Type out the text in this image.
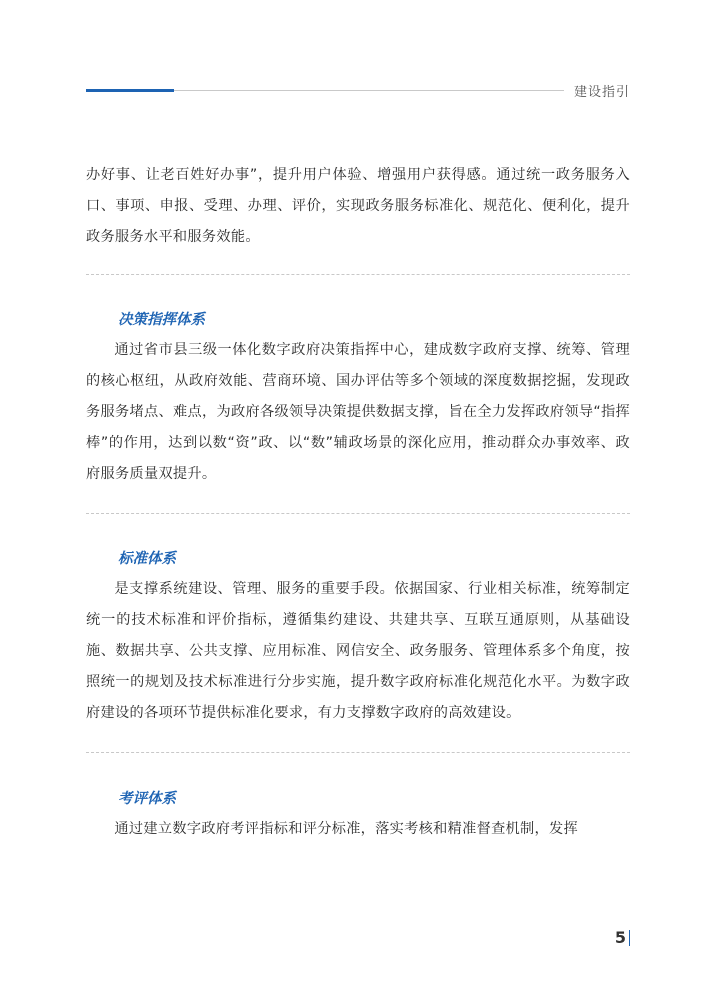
建设指引

办好事、让老百姓好办事”，提升用户体验、增强用户获得感。通过统一政务服务入口、事项、申报、受理、办理、评价，实现政务服务标准化、规范化、便利化，提升政务服务水平和服务效能。

决策指挥体系

通过省市县三级一体化数字政府决策指挥中心，建成数字政府支撑、统筹、管理的核心枢纽，从政府效能、营商环境、国办评估等多个领域的深度数据挖掘，发现政务服务堵点、难点，为政府各级领导决策提供数据支撑，旨在全力发挥政府领导“指挥棒”的作用，达到以数“资”政、以“数”辅政场景的深化应用，推动群众办事效率、政府服务质量双提升。

标准体系

是支撑系统建设、管理、服务的重要手段。依据国家、行业相关标准，统筹制定统一的技术标准和评价指标，遵循集约建设、共建共享、互联互通原则，从基础设施、数据共享、公共支撑、应用标准、网信安全、政务服务、管理体系多个角度，按照统一的规划及技术标准进行分步实施，提升数字政府标准化规范化水平。为数字政府建设的各项环节提供标准化要求，有力支撑数字政府的高效建设。

考评体系

通过建立数字政府考评指标和评分标准，落实考核和精准督查机制，发挥

5
